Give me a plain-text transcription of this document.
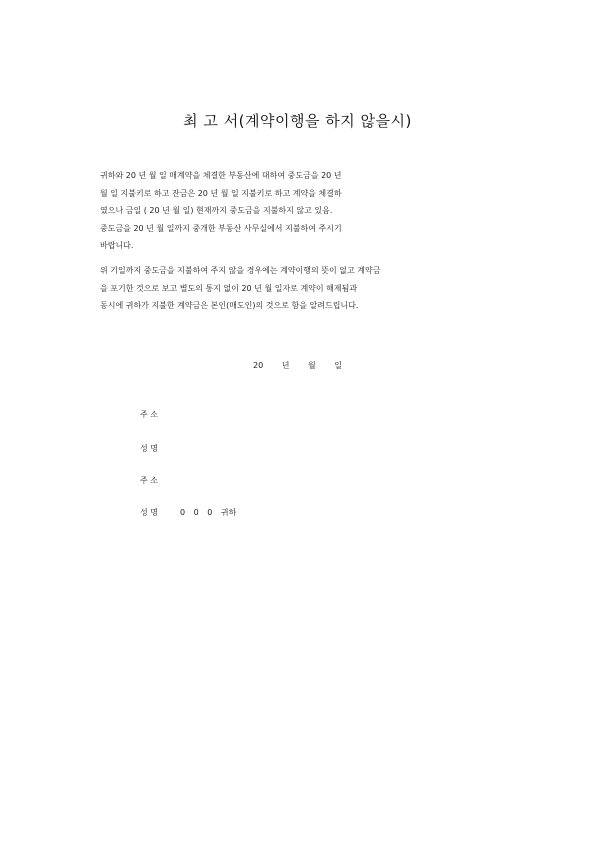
최 고 서(계약이행을 하지 않을시)

귀하와 20 년 월 일 매계약을 체결한 부동산에 대하여 중도금을 20 년

월 일 지불키로 하고 잔금은 20 년 월 일 지불키로 하고 계약을 체결하

였으나 금일 ( 20 년 월 일) 현재까지 중도금을 지불하지 않고 있음.

중도금을 20 년 월 일까지 중개한 부동산 사무실에서 지불하여 주시기

바랍니다.

위 기일까지 중도금을 지불하여 주지 않을 경우에는 계약이행의 뜻이 없고 계약금

을 포기한 것으로 보고 별도의 통지 없이 20 년 월 일자로 계약이 해제됨과

동시에 귀하가 지불한 계약금은 본인(매도인)의 것으로 함을 알려드립니다.

20 년 월 일
주 소
성 명
주 소
성 명	0 0 0 귀하
